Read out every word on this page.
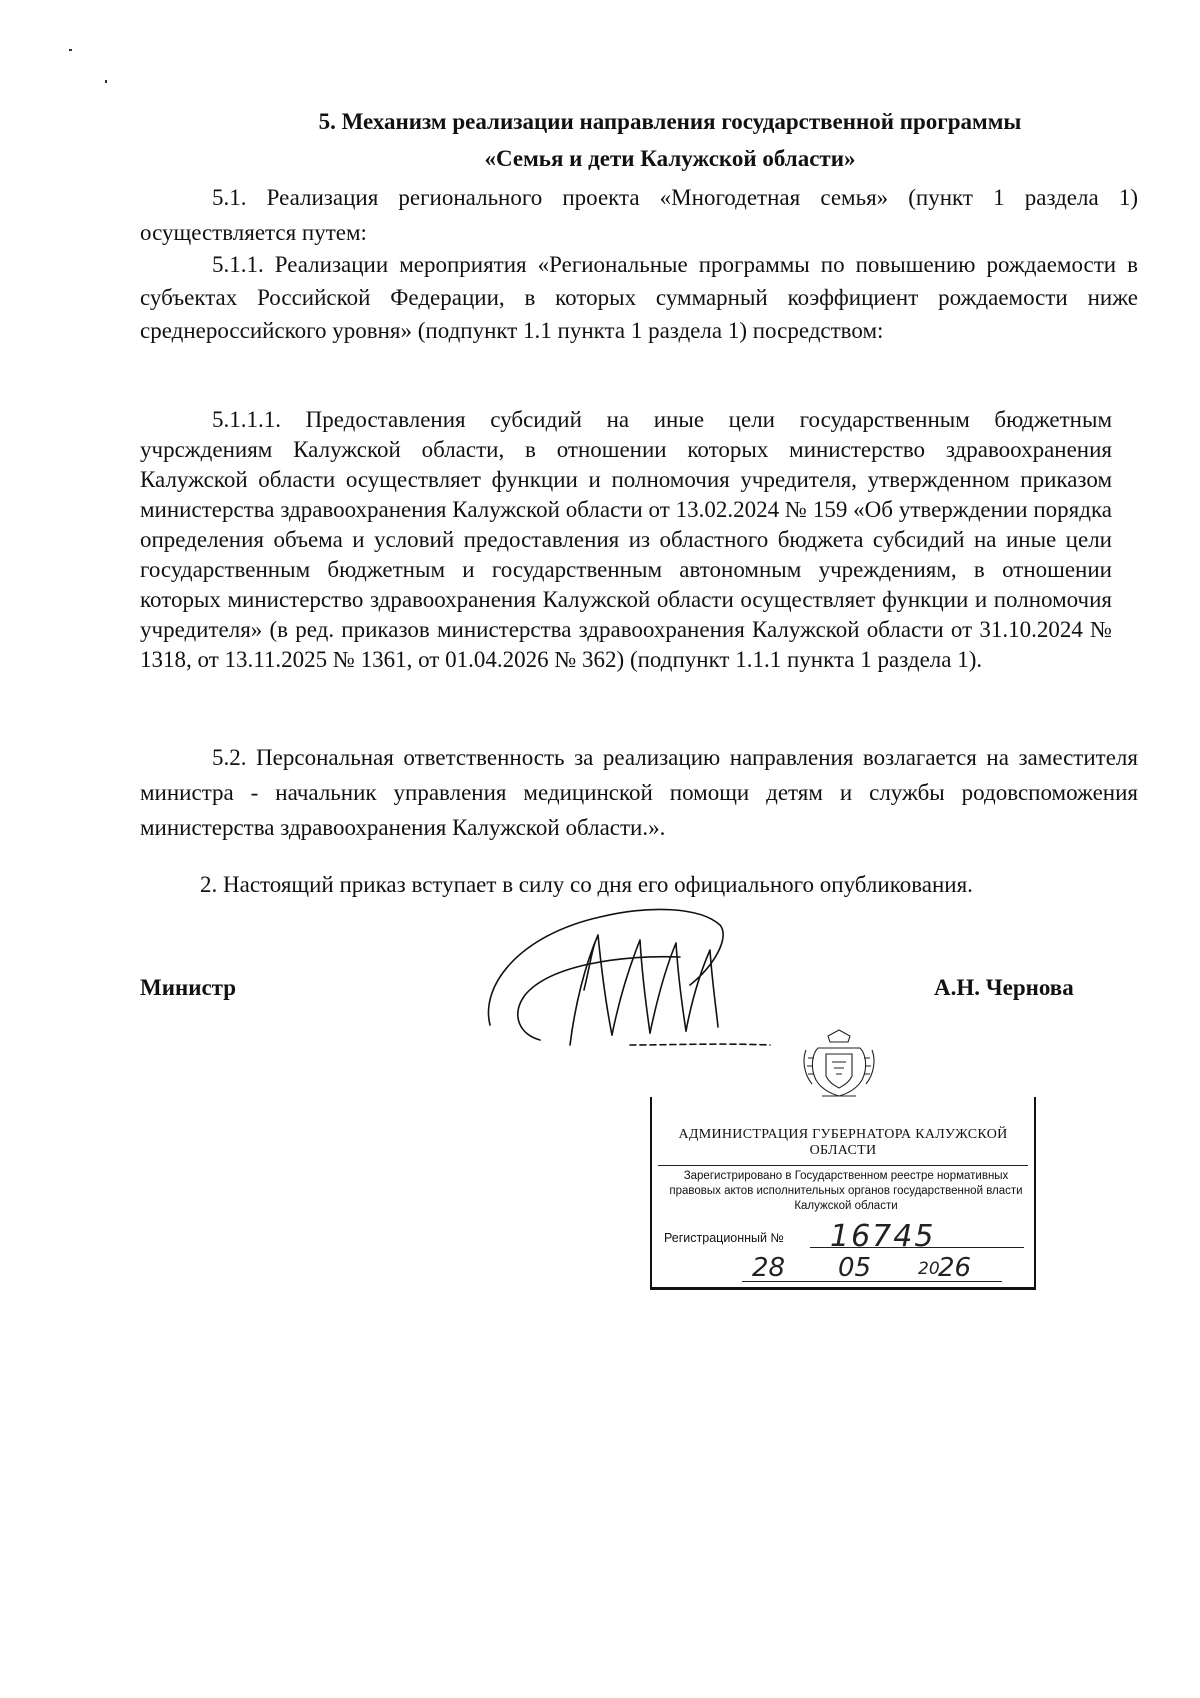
5. Механизм реализации направления государственной программы
«Семья и дети Калужской области»
5.1. Реализация регионального проекта «Многодетная семья» (пункт 1 раздела 1) осуществляется путем:
5.1.1. Реализации мероприятия «Региональные программы по повышению рождаемости в субъектах Российской Федерации, в которых суммарный коэффициент рождаемости ниже среднероссийского уровня» (подпункт 1.1 пункта 1 раздела 1) посредством:
5.1.1.1. Предоставления субсидий на иные цели государственным бюджетным учрсждениям Калужской области, в отношении которых министерство здравоохранения Калужской области осуществляет функции и полномочия учредителя, утвержденном приказом министерства здравоохранения Калужской области от 13.02.2024 № 159 «Об утверждении порядка определения объема и условий предоставления из областного бюджета субсидий на иные цели государственным бюджетным и государственным автономным учреждениям, в отношении которых министерство здравоохранения Калужской области осуществляет функции и полномочия учредителя» (в ред. приказов министерства здравоохранения Калужской области от 31.10.2024 № 1318, от 13.11.2025 № 1361, от 01.04.2026 № 362) (подпункт 1.1.1 пункта 1 раздела 1).
5.2. Персональная ответственность за реализацию направления возлагается на заместителя министра - начальник управления медицинской помощи детям и службы родовспоможения министерства здравоохранения Калужской области.».
2. Настоящий приказ вступает в силу со дня его официального опубликования.
Министр	А.Н. Чернова
АДМИНИСТРАЦИЯ ГУБЕРНАТОРА КАЛУЖСКОЙ ОБЛАСТИ
Зарегистрировано в Государственном реестре нормативных
правовых актов исполнительных органов государственной власти
Калужской области
Регистрационный № 16745
28 05	20
26
